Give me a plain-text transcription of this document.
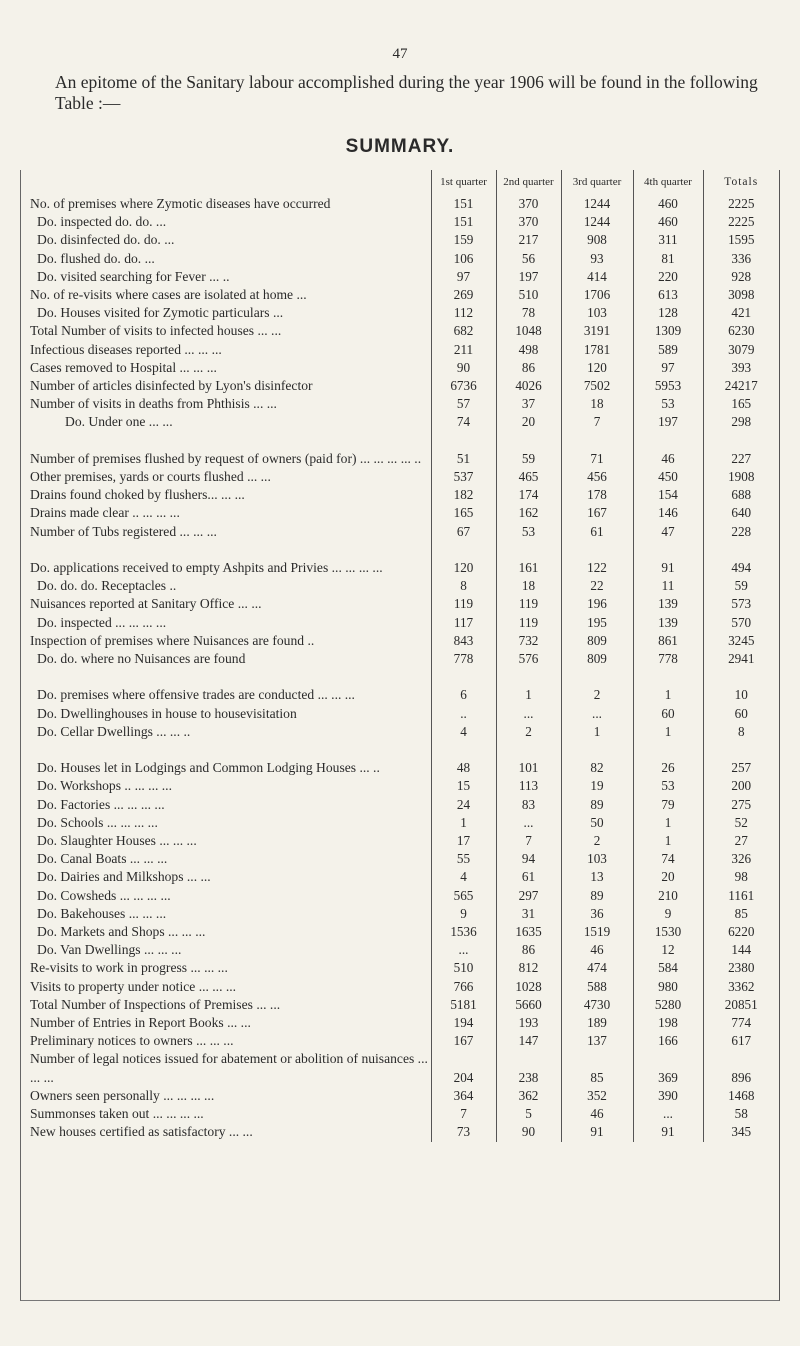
47
An epitome of the Sanitary labour accomplished during the year 1906 will be found in the following Table :—
SUMMARY.
	1st quarter	2nd quarter	3rd quarter	4th quarter	Totals
No. of premises where Zymotic diseases have occurred	151	370	1244	460	2225
Do. inspected do. do. ...	151	370	1244	460	2225
Do. disinfected do. do. ...	159	217	908	311	1595
Do. flushed do. do. ...	106	56	93	81	336
Do. visited searching for Fever ... ..	97	197	414	220	928
No. of re-visits where cases are isolated at home ...	269	510	1706	613	3098
Do. Houses visited for Zymotic particulars ...	112	78	103	128	421
Total Number of visits to infected houses ... ...	682	1048	3191	1309	6230
Infectious diseases reported ... ... ...	211	498	1781	589	3079
Cases removed to Hospital ... ... ...	90	86	120	97	393
Number of articles disinfected by Lyon's disinfector	6736	4026	7502	5953	24217
Number of visits in deaths from Phthisis ... ...	57	37	18	53	165
Do. Under one ... ...	74	20	7	197	298
Number of premises flushed by request of owners (paid for) ... ... ... ... ..	51	59	71	46	227
Other premises, yards or courts flushed ... ...	537	465	456	450	1908
Drains found choked by flushers... ... ...	182	174	178	154	688
Drains made clear .. ... ... ...	165	162	167	146	640
Number of Tubs registered ... ... ...	67	53	61	47	228
Do. applications received to empty Ashpits and Privies ... ... ... ...	120	161	122	91	494
Do. do. do. Receptacles ..	8	18	22	11	59
Nuisances reported at Sanitary Office ... ...	119	119	196	139	573
Do. inspected ... ... ... ...	117	119	195	139	570
Inspection of premises where Nuisances are found ..	843	732	809	861	3245
Do. do. where no Nuisances are found	778	576	809	778	2941
Do. premises where offensive trades are conducted ... ... ...	6	1	2	1	10
Do. Dwellinghouses in house to housevisitation	..	...	...	60	60
Do. Cellar Dwellings ... ... ..	4	2	1	1	8
Do. Houses let in Lodgings and Common Lodging Houses ... ..	48	101	82	26	257
Do. Workshops .. ... ... ...	15	113	19	53	200
Do. Factories ... ... ... ...	24	83	89	79	275
Do. Schools ... ... ... ...	1	...	50	1	52
Do. Slaughter Houses ... ... ...	17	7	2	1	27
Do. Canal Boats ... ... ...	55	94	103	74	326
Do. Dairies and Milkshops ... ...	4	61	13	20	98
Do. Cowsheds ... ... ... ...	565	297	89	210	1161
Do. Bakehouses ... ... ...	9	31	36	9	85
Do. Markets and Shops ... ... ...	1536	1635	1519	1530	6220
Do. Van Dwellings ... ... ...	...	86	46	12	144
Re-visits to work in progress ... ... ...	510	812	474	584	2380
Visits to property under notice ... ... ...	766	1028	588	980	3362
Total Number of Inspections of Premises ... ...	5181	5660	4730	5280	20851
Number of Entries in Report Books ... ...	194	193	189	198	774
Preliminary notices to owners ... ... ...	167	147	137	166	617
Number of legal notices issued for abatement or abolition of nuisances ... ... ...	204	238	85	369	896
Owners seen personally ... ... ... ...	364	362	352	390	1468
Summonses taken out ... ... ... ...	7	5	46	...	58
New houses certified as satisfactory ... ...	73	90	91	91	345
